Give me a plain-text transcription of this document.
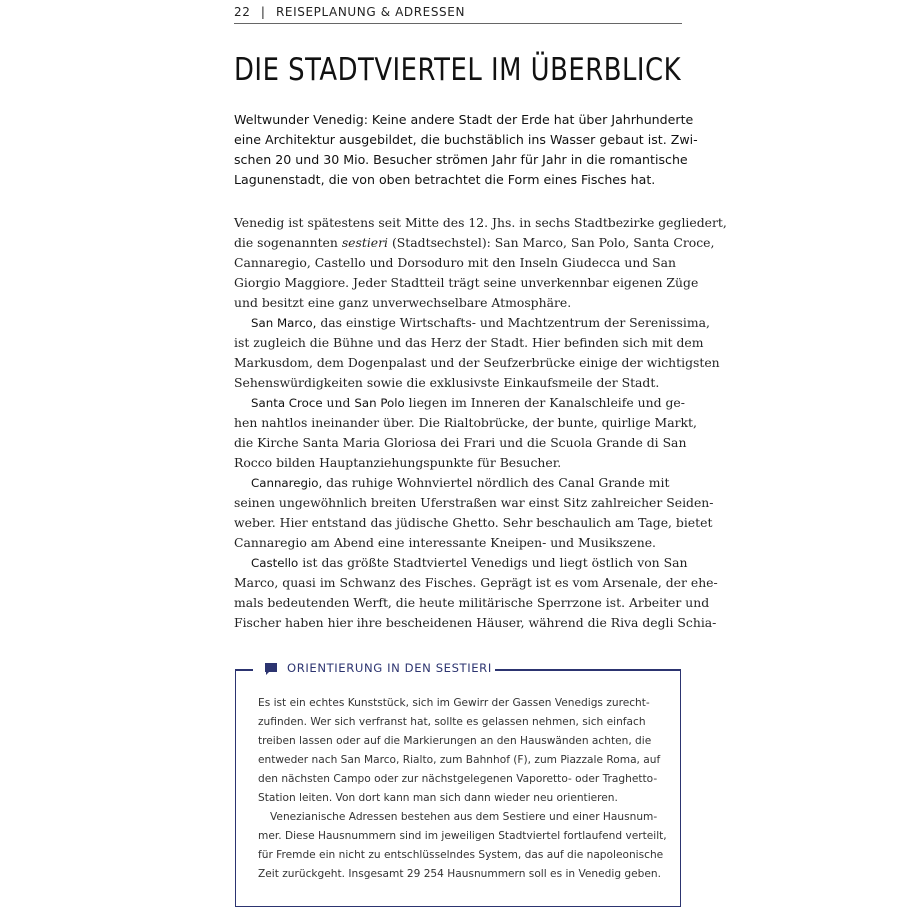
22 | REISEPLANUNG & ADRESSEN
DIE STADTVIERTEL IM ÜBERBLICK

Weltwunder Venedig: Keine andere Stadt der Erde hat über Jahrhunderte
eine Architektur ausgebildet, die buchstäblich ins Wasser gebaut ist. Zwi-
schen 20 und 30 Mio. Besucher strömen Jahr für Jahr in die romantische
Lagunenstadt, die von oben betrachtet die Form eines Fisches hat.

Venedig ist spätestens seit Mitte des 12. Jhs. in sechs Stadtbezirke gegliedert,
die sogenannten sestieri (Stadtsechstel): San Marco, San Polo, Santa Croce,
Cannaregio, Castello und Dorsoduro mit den Inseln Giudecca und San
Giorgio Maggiore. Jeder Stadtteil trägt seine unverkennbar eigenen Züge
und besitzt eine ganz unverwechselbare Atmosphäre.
San Marco, das einstige Wirtschafts- und Machtzentrum der Serenissima,
ist zugleich die Bühne und das Herz der Stadt. Hier befinden sich mit dem
Markusdom, dem Dogenpalast und der Seufzerbrücke einige der wichtigsten
Sehenswürdigkeiten sowie die exklusivste Einkaufsmeile der Stadt.
Santa Croce und San Polo liegen im Inneren der Kanalschleife und ge-
hen nahtlos ineinander über. Die Rialtobrücke, der bunte, quirlige Markt,
die Kirche Santa Maria Gloriosa dei Frari und die Scuola Grande di San
Rocco bilden Hauptanziehungspunkte für Besucher.
Cannaregio, das ruhige Wohnviertel nördlich des Canal Grande mit
seinen ungewöhnlich breiten Uferstraßen war einst Sitz zahlreicher Seiden-
weber. Hier entstand das jüdische Ghetto. Sehr beschaulich am Tage, bietet
Cannaregio am Abend eine interessante Kneipen- und Musikszene.
Castello ist das größte Stadtviertel Venedigs und liegt östlich von San
Marco, quasi im Schwanz des Fisches. Geprägt ist es vom Arsenale, der ehe-
mals bedeutenden Werft, die heute militärische Sperrzone ist. Arbeiter und
Fischer haben hier ihre bescheidenen Häuser, während die Riva degli Schia-
ORIENTIERUNG IN DEN SESTIERI
Es ist ein echtes Kunststück, sich im Gewirr der Gassen Venedigs zurecht-
zufinden. Wer sich verfranst hat, sollte es gelassen nehmen, sich einfach
treiben lassen oder auf die Markierungen an den Hauswänden achten, die
entweder nach San Marco, Rialto, zum Bahnhof (F), zum Piazzale Roma, auf
den nächsten Campo oder zur nächstgelegenen Vaporetto- oder Traghetto-
Station leiten. Von dort kann man sich dann wieder neu orientieren.
Venezianische Adressen bestehen aus dem Sestiere und einer Hausnum-
mer. Diese Hausnummern sind im jeweiligen Stadtviertel fortlaufend verteilt,
für Fremde ein nicht zu entschlüsselndes System, das auf die napoleonische
Zeit zurückgeht. Insgesamt 29 254 Hausnummern soll es in Venedig geben.
